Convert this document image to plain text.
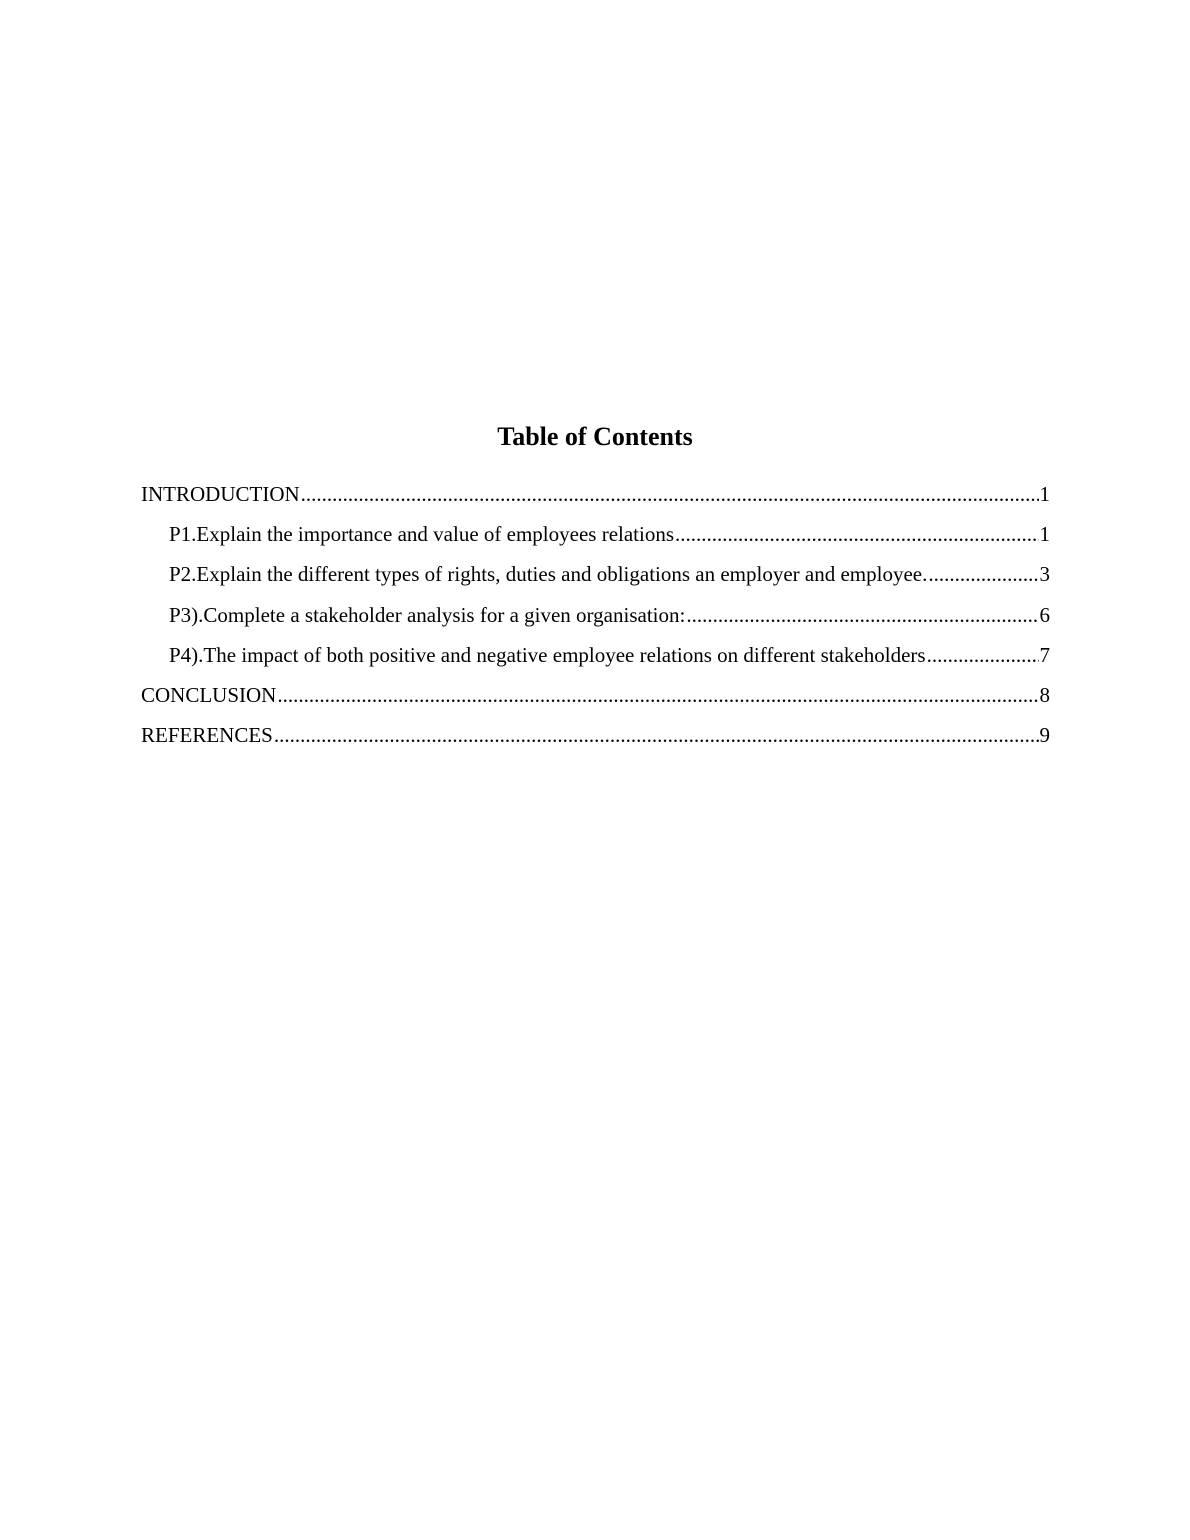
Table of Contents
INTRODUCTION .....	1
P1.Explain the importance and value of employees relations .....	1
P2.Explain the different types of rights, duties and obligations an employer and employee. .....	3
P3).Complete a stakeholder analysis for a given organisation: .....	6
P4).The impact of both positive and negative employee relations on different stakeholders .....	7
CONCLUSION .....	8
REFERENCES .....	9
